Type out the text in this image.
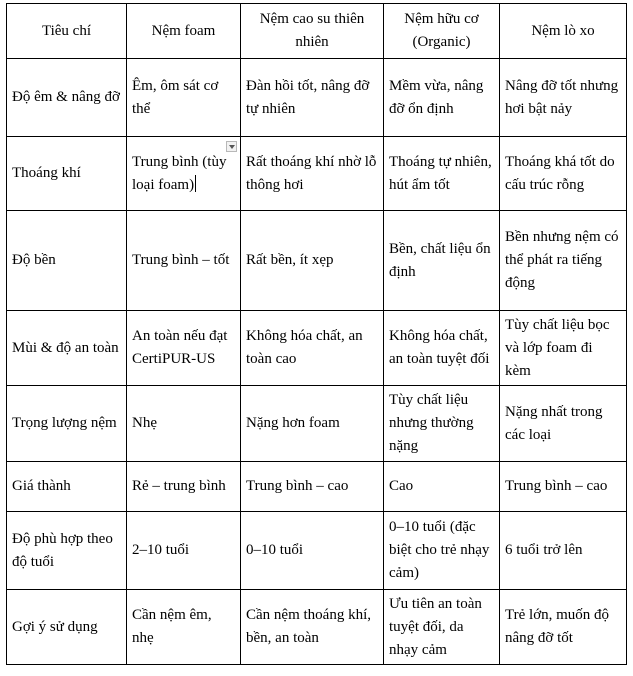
Tiêu chí	Nệm foam	Nệm cao su thiên nhiên	Nệm hữu cơ (Organic)	Nệm lò xo
Độ êm & nâng đỡ	Êm, ôm sát cơ thể	Đàn hồi tốt, nâng đỡ tự nhiên	Mềm vừa, nâng đỡ ổn định	Nâng đỡ tốt nhưng hơi bật nảy
Thoáng khí	Trung bình (tùy loại foam)	Rất thoáng khí nhờ lỗ thông hơi	Thoáng tự nhiên, hút ẩm tốt	Thoáng khá tốt do cấu trúc rỗng
Độ bền	Trung bình – tốt	Rất bền, ít xẹp	Bền, chất liệu ổn định	Bền nhưng nệm có thể phát ra tiếng động
Mùi & độ an toàn	An toàn nếu đạt CertiPUR-US	Không hóa chất, an toàn cao	Không hóa chất, an toàn tuyệt đối	Tùy chất liệu bọc và lớp foam đi kèm
Trọng lượng nệm	Nhẹ	Nặng hơn foam	Tùy chất liệu nhưng thường nặng	Nặng nhất trong các loại
Giá thành	Rẻ – trung bình	Trung bình – cao	Cao	Trung bình – cao
Độ phù hợp theo độ tuổi	2–10 tuổi	0–10 tuổi	0–10 tuổi (đặc biệt cho trẻ nhạy cảm)	6 tuổi trở lên
Gợi ý sử dụng	Cần nệm êm, nhẹ	Cần nệm thoáng khí, bền, an toàn	Ưu tiên an toàn tuyệt đối, da nhạy cảm	Trẻ lớn, muốn độ nâng đỡ tốt
